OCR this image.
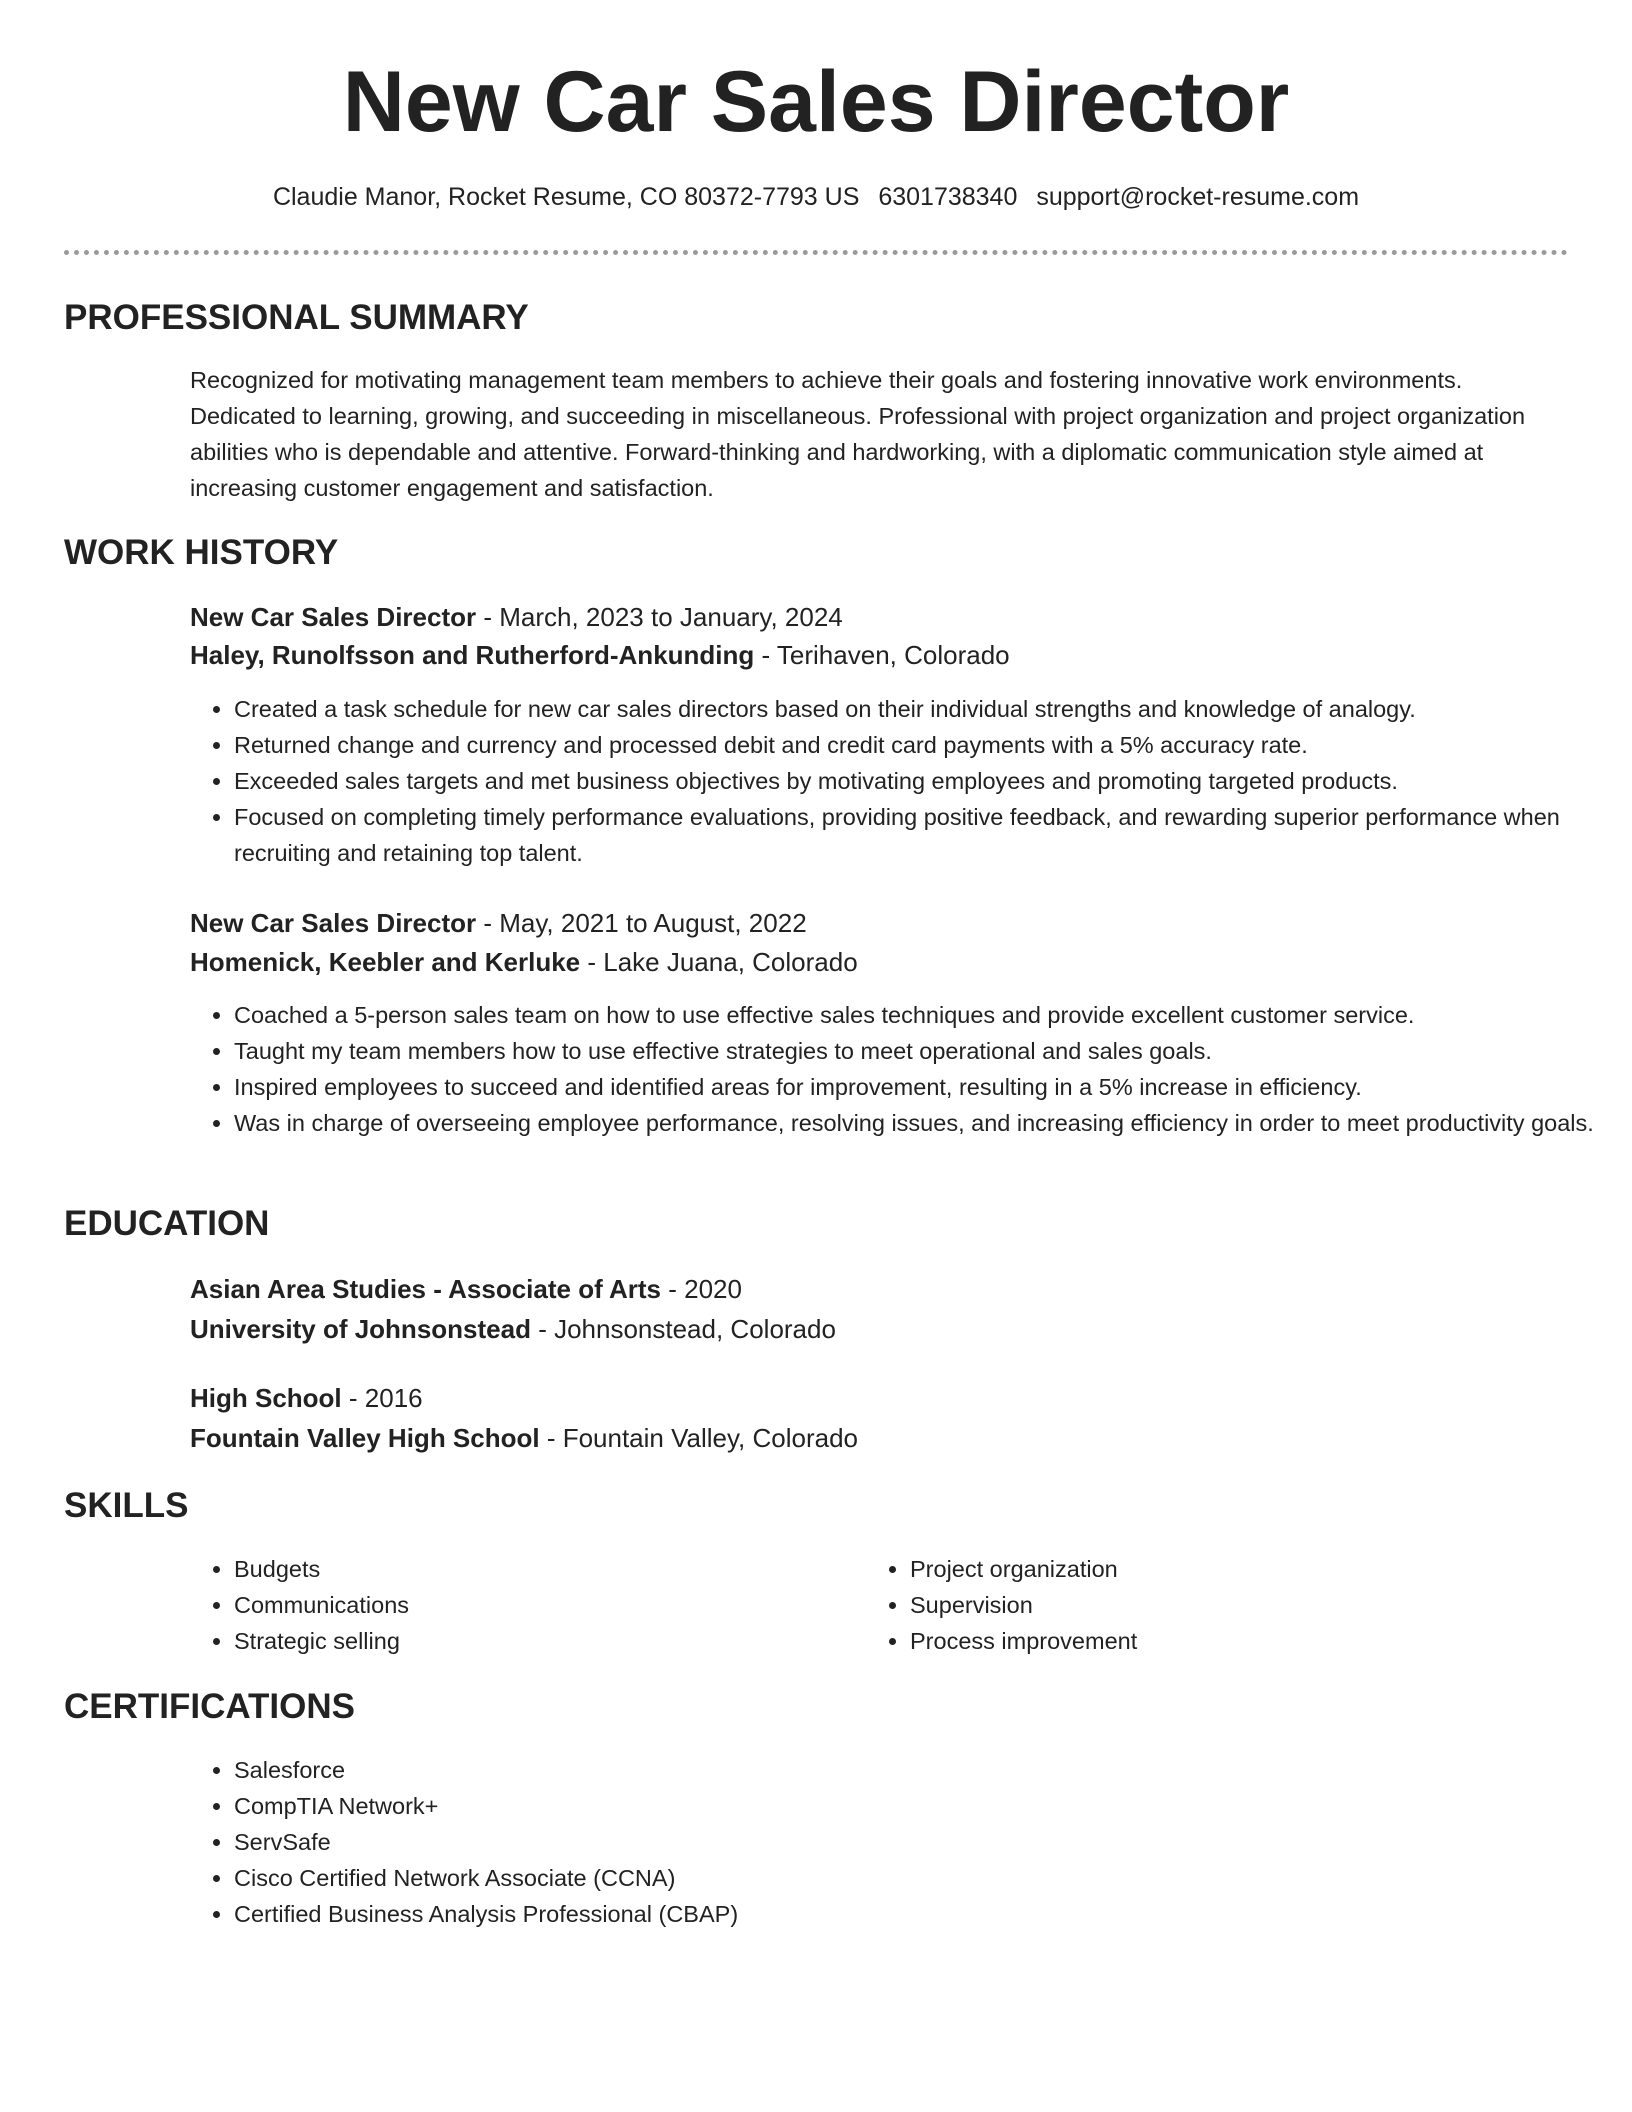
New Car Sales Director
Claudie Manor, Rocket Resume, CO 80372-7793 US 6301738340 support@rocket-resume.com
PROFESSIONAL SUMMARY

Recognized for motivating management team members to achieve their goals and fostering innovative work environments. Dedicated to learning, growing, and succeeding in miscellaneous. Professional with project organization and project organization abilities who is dependable and attentive. Forward-thinking and hardworking, with a diplomatic communication style aimed at increasing customer engagement and satisfaction.

WORK HISTORY
New Car Sales Director - March, 2023 to January, 2024
Haley, Runolfsson and Rutherford-Ankunding - Terihaven, Colorado
• Created a task schedule for new car sales directors based on their individual strengths and knowledge of analogy.
• Returned change and currency and processed debit and credit card payments with a 5% accuracy rate.
• Exceeded sales targets and met business objectives by motivating employees and promoting targeted products.
• Focused on completing timely performance evaluations, providing positive feedback, and rewarding superior performance when recruiting and retaining top talent.
New Car Sales Director - May, 2021 to August, 2022
Homenick, Keebler and Kerluke - Lake Juana, Colorado
• Coached a 5-person sales team on how to use effective sales techniques and provide excellent customer service.
• Taught my team members how to use effective strategies to meet operational and sales goals.
• Inspired employees to succeed and identified areas for improvement, resulting in a 5% increase in efficiency.
• Was in charge of overseeing employee performance, resolving issues, and increasing efficiency in order to meet productivity goals.
EDUCATION
Asian Area Studies - Associate of Arts - 2020
University of Johnsonstead - Johnsonstead, Colorado
High School - 2016
Fountain Valley High School - Fountain Valley, Colorado
SKILLS
• Budgets
• Communications
• Strategic selling
• Project organization
• Supervision
• Process improvement
CERTIFICATIONS
• Salesforce
• CompTIA Network+
• ServSafe
• Cisco Certified Network Associate (CCNA)
• Certified Business Analysis Professional (CBAP)
